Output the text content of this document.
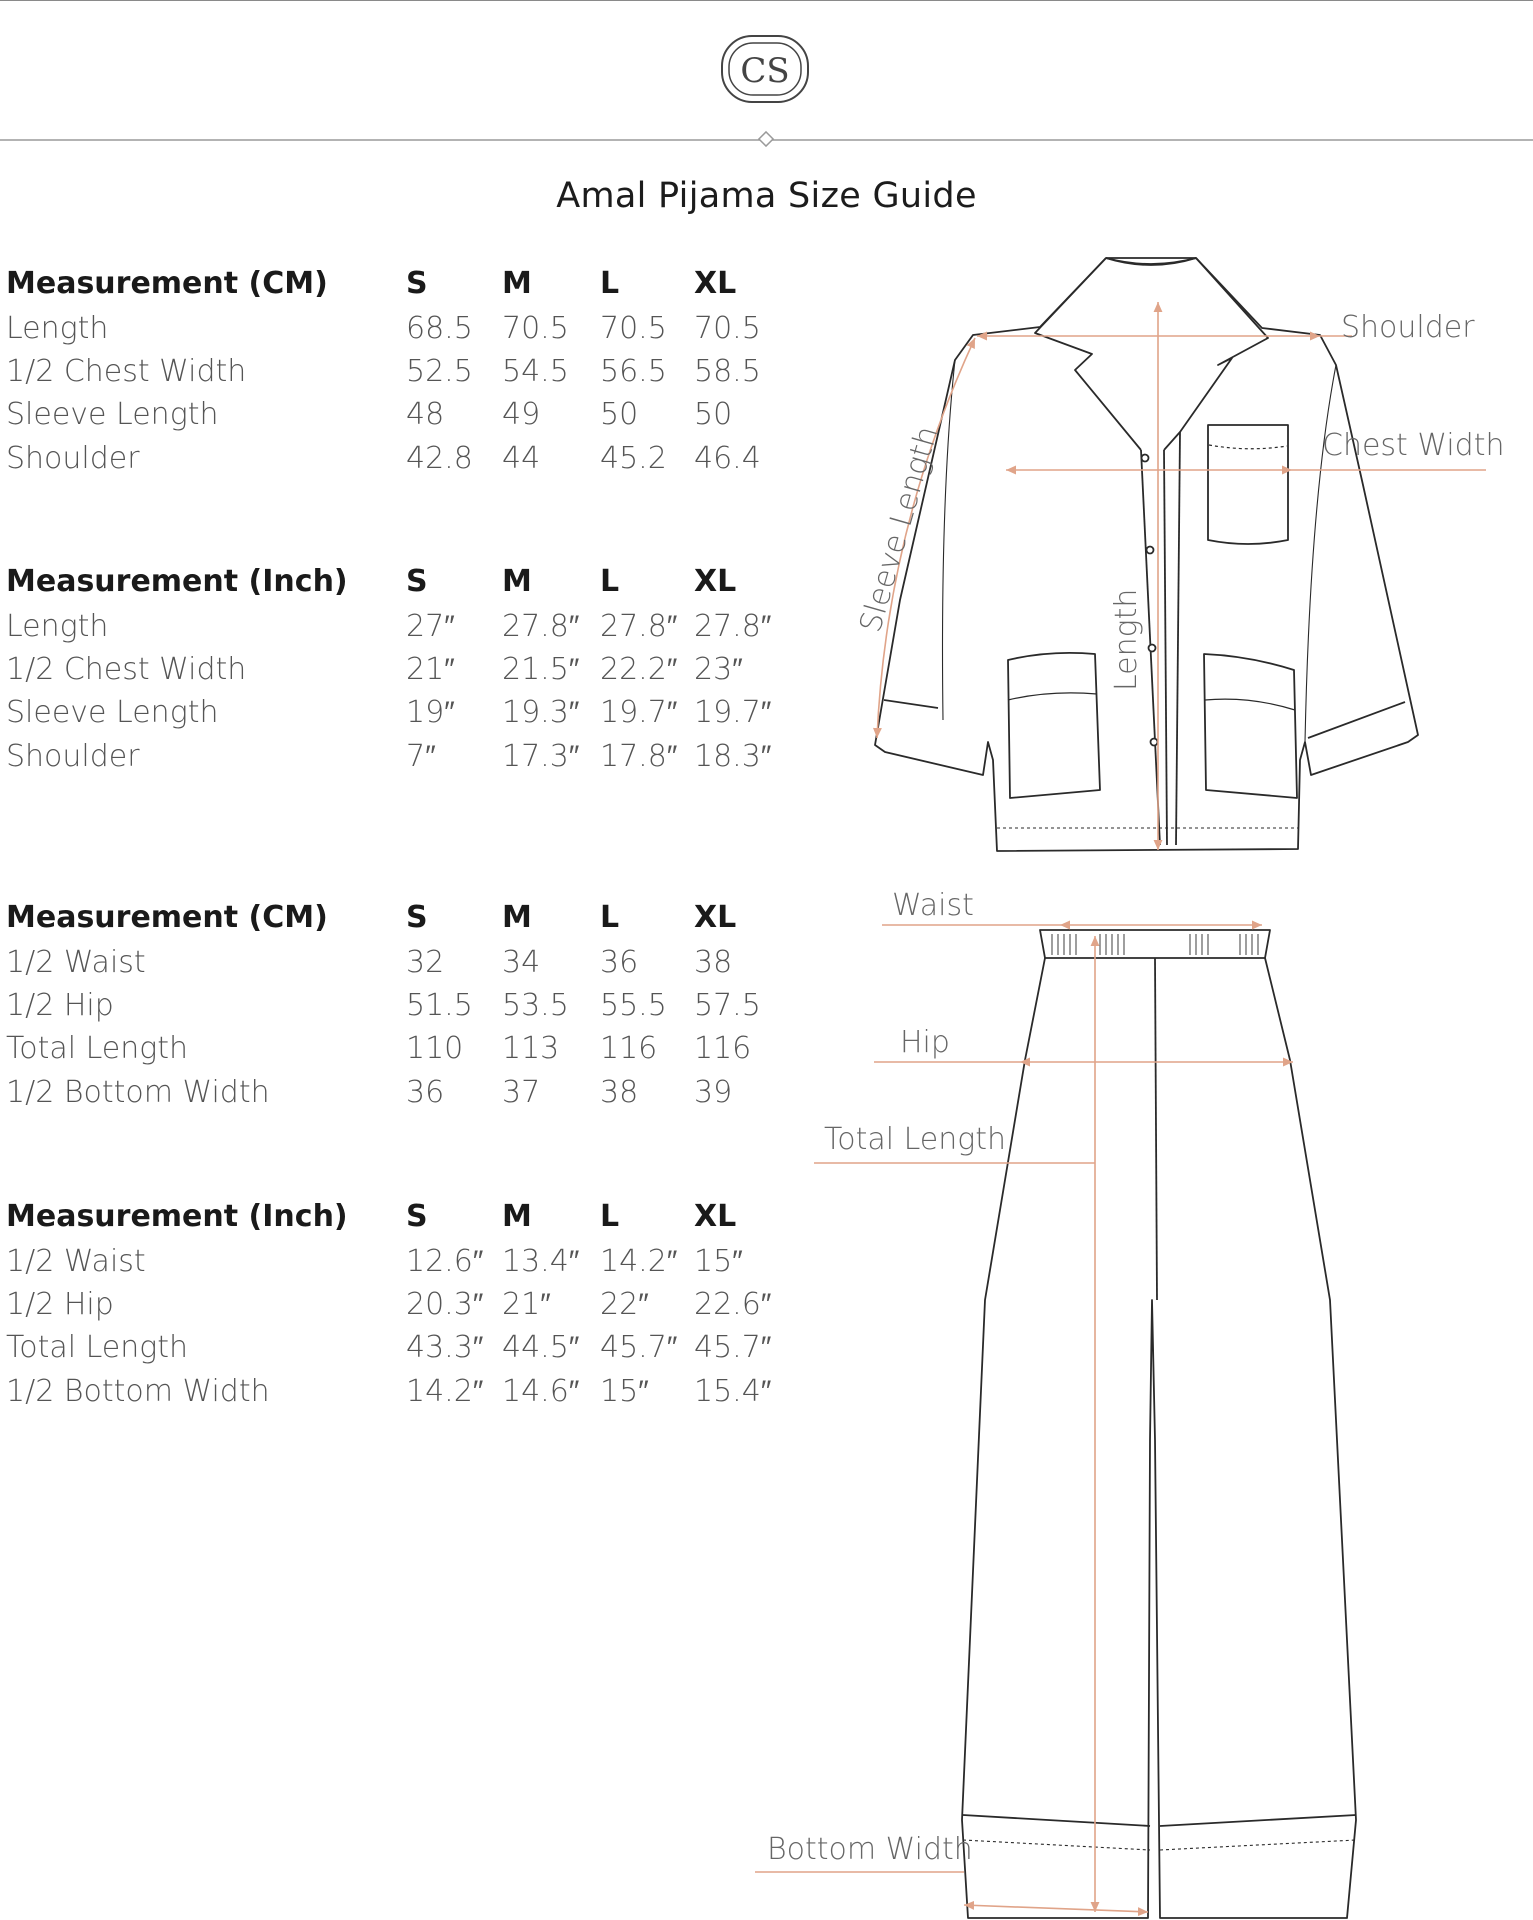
CS
Amal Pijama Size Guide
Measurement (CM)	S M L XL
Length	68.5 70.5 70.5 70.5
1/2 Chest Width	52.5 54.5 56.5 58.5
Sleeve Length	48 49 50 50
Shoulder	42.8 44 45.2 46.4
Measurement (Inch) S M L XL
Length	27″ 27.8″ 27.8″ 27.8″
1/2 Chest Width	21″ 21.5″ 22.2″ 23″
Sleeve Length	19″ 19.3″ 19.7″ 19.7″
Shoulder	7″ 17.3″ 17.8″ 18.3″
Measurement (CM)	S M L XL
1/2 Waist	32 34 36 38
1/2 Hip	51.5 53.5 55.5 57.5
Total Length	110 113 116 116
1/2 Bottom Width	36 37 38 39
Measurement (Inch) S M L XL
1/2 Waist	12.6″ 13.4″ 14.2″ 15″
1/2 Hip	20.3″ 21″ 22″ 22.6″
Total Length	43.3″ 44.5″ 45.7″ 45.7″
1/2 Bottom Width	14.2″ 14.6″ 15″ 15.4″
Shoulder
Chest Width
Sleeve Length
Length
Waist
Hip
Total Length
Bottom Width
